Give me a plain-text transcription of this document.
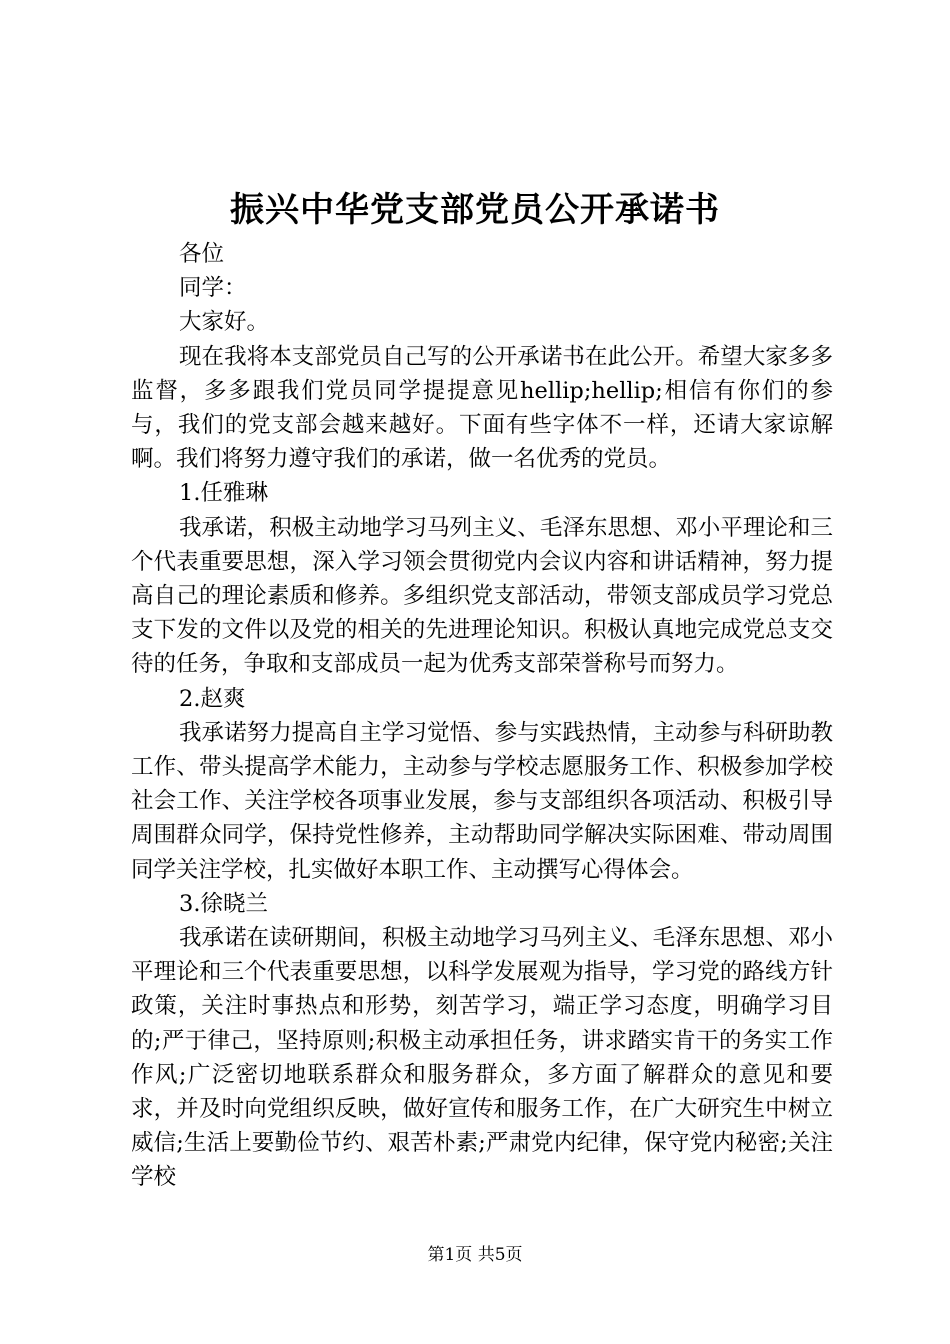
振兴中华党支部党员公开承诺书

各位

同学：

大家好。

现在我将本支部党员自己写的公开承诺书在此公开。希望大家多多监督，多多跟我们党员同学提提意见hellip;hellip;相信有你们的参与，我们的党支部会越来越好。下面有些字体不一样，还请大家谅解啊。我们将努力遵守我们的承诺，做一名优秀的党员。

1.任雅琳

我承诺，积极主动地学习马列主义、毛泽东思想、邓小平理论和三个代表重要思想，深入学习领会贯彻党内会议内容和讲话精神，努力提高自己的理论素质和修养。多组织党支部活动，带领支部成员学习党总支下发的文件以及党的相关的先进理论知识。积极认真地完成党总支交待的任务，争取和支部成员一起为优秀支部荣誉称号而努力。

2.赵爽

我承诺努力提高自主学习觉悟、参与实践热情，主动参与科研助教工作、带头提高学术能力，主动参与学校志愿服务工作、积极参加学校社会工作、关注学校各项事业发展，参与支部组织各项活动、积极引导周围群众同学，保持党性修养，主动帮助同学解决实际困难、带动周围同学关注学校，扎实做好本职工作、主动撰写心得体会。

3.徐晓兰

我承诺在读研期间，积极主动地学习马列主义、毛泽东思想、邓小平理论和三个代表重要思想，以科学发展观为指导，学习党的路线方针政策，关注时事热点和形势，刻苦学习，端正学习态度，明确学习目的;严于律己，坚持原则;积极主动承担任务，讲求踏实肯干的务实工作作风;广泛密切地联系群众和服务群众，多方面了解群众的意见和要求，并及时向党组织反映，做好宣传和服务工作，在广大研究生中树立威信;生活上要勤俭节约、艰苦朴素;严肃党内纪律，保守党内秘密;关注学校

第1页 共5页
